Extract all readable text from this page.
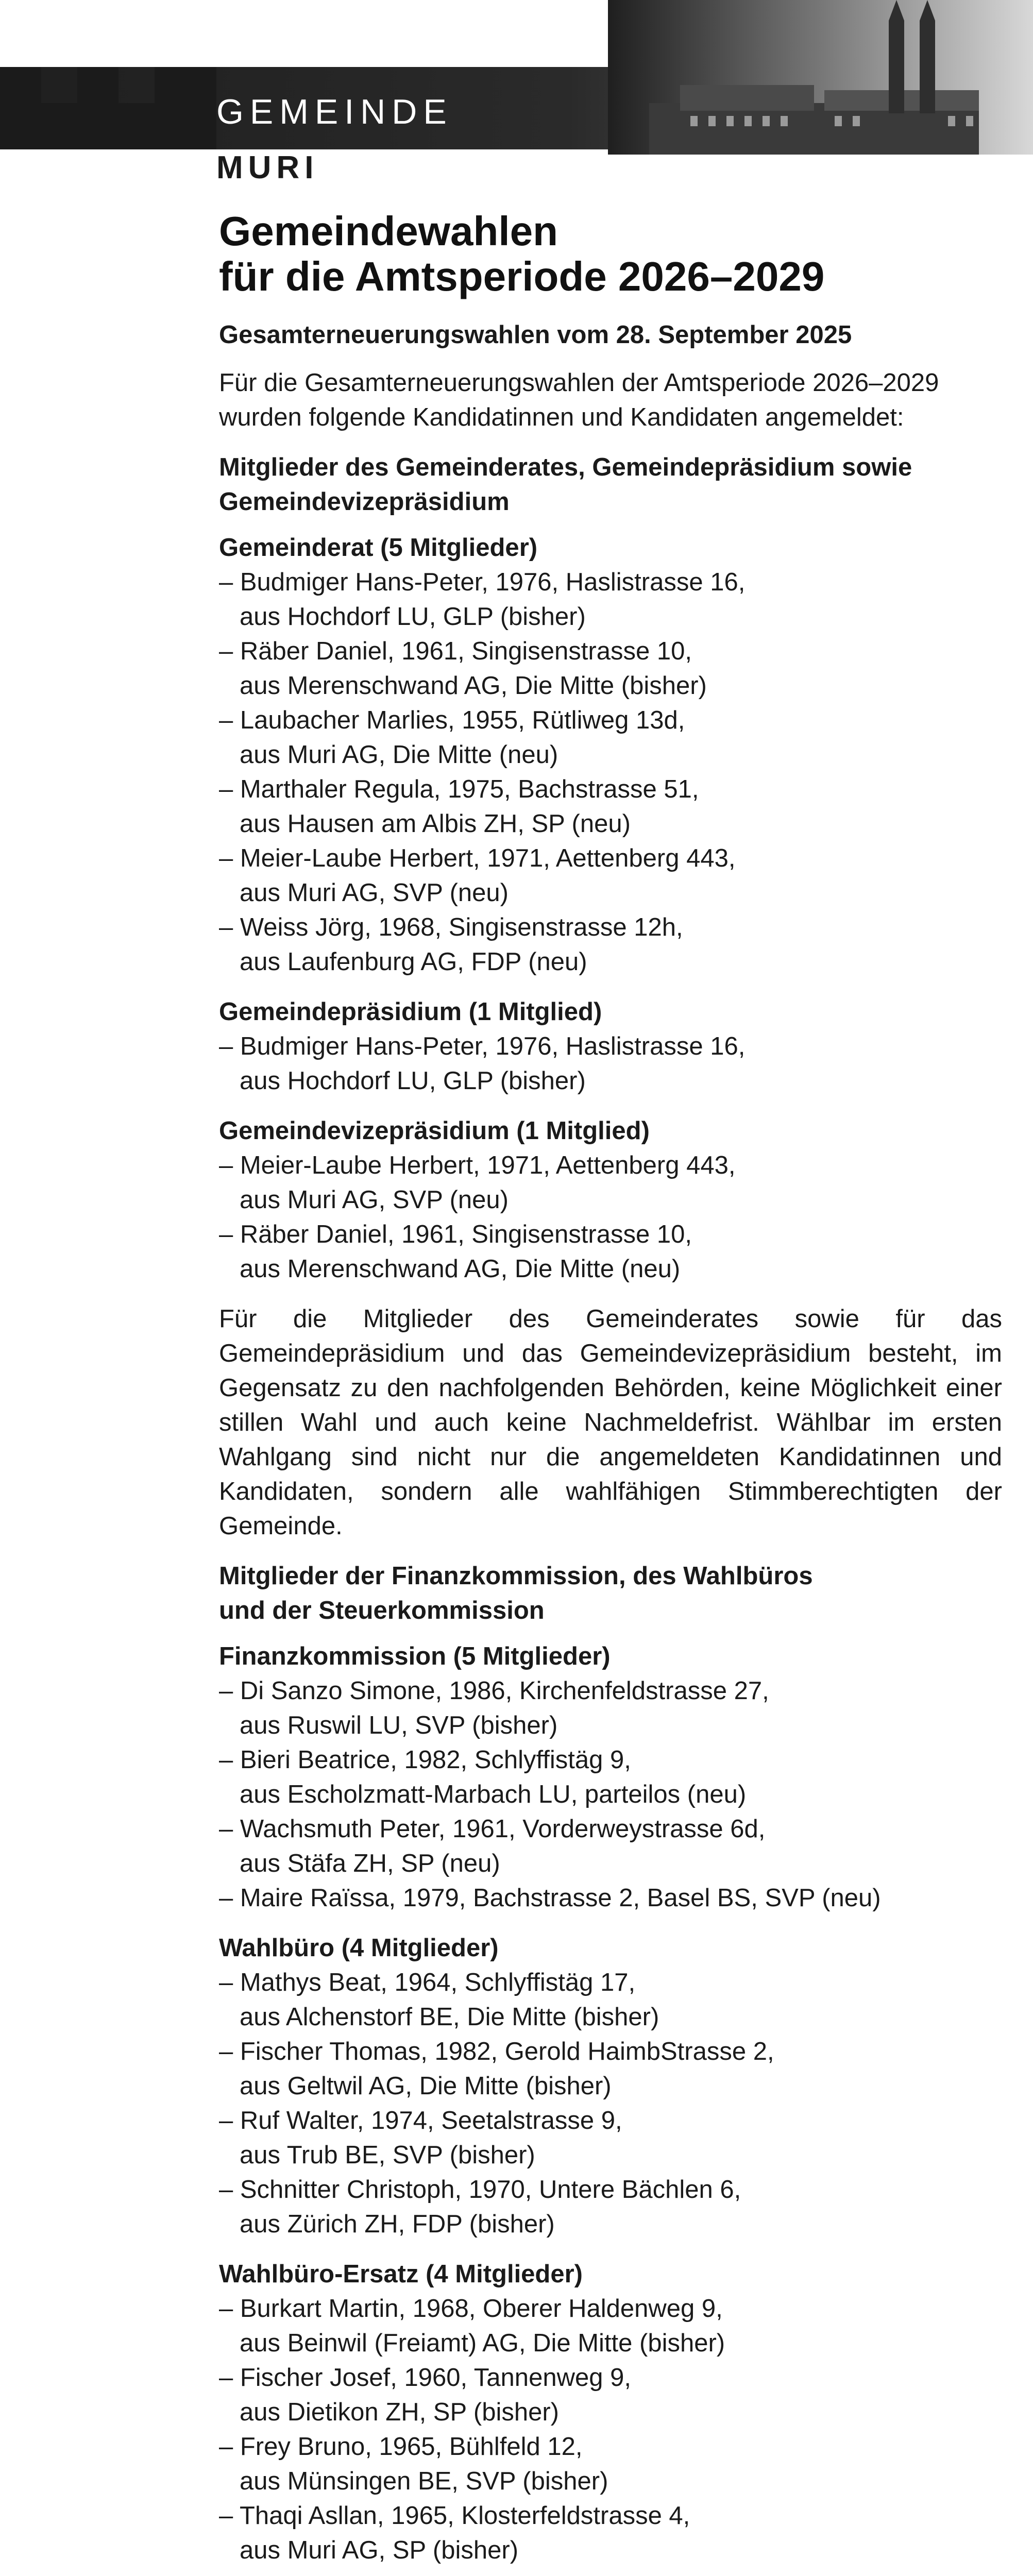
GEMEINDE
MURI
Gemeindewahlen
für die Amtsperiode 2026–2029

Gesamterneuerungswahlen vom 28. September 2025

Für die Gesamterneuerungswahlen der Amtsperiode 2026–2029 wurden folgende Kandidatinnen und Kandidaten angemeldet:

Mitglieder des Gemeinderates, Gemeindepräsidium sowie Gemeindevizepräsidium

Gemeinderat (5 Mitglieder)
– Budmiger Hans-Peter, 1976, Haslistrasse 16,
aus Hochdorf LU, GLP (bisher)
– Räber Daniel, 1961, Singisenstrasse 10,
aus Merenschwand AG, Die Mitte (bisher)
– Laubacher Marlies, 1955, Rütliweg 13d,
aus Muri AG, Die Mitte (neu)
– Marthaler Regula, 1975, Bachstrasse 51,
aus Hausen am Albis ZH, SP (neu)
– Meier-Laube Herbert, 1971, Aettenberg 443,
aus Muri AG, SVP (neu)
– Weiss Jörg, 1968, Singisenstrasse 12h,
aus Laufenburg AG, FDP (neu)
Gemeindepräsidium (1 Mitglied)
– Budmiger Hans-Peter, 1976, Haslistrasse 16,
aus Hochdorf LU, GLP (bisher)
Gemeindevizepräsidium (1 Mitglied)
– Meier-Laube Herbert, 1971, Aettenberg 443,
aus Muri AG, SVP (neu)
– Räber Daniel, 1961, Singisenstrasse 10,
aus Merenschwand AG, Die Mitte (neu)

Für die Mitglieder des Gemeinderates sowie für das Gemeindepräsidium und das Gemeindevizepräsidium besteht, im Gegensatz zu den nachfolgenden Behörden, keine Möglichkeit einer stillen Wahl und auch keine Nachmeldefrist. Wählbar im ersten Wahlgang sind nicht nur die angemeldeten Kandidatinnen und Kandidaten, sondern alle wahlfähigen Stimmberechtigten der Gemeinde.

Mitglieder der Finanzkommission, des Wahlbüros
und der Steuerkommission

Finanzkommission (5 Mitglieder)
– Di Sanzo Simone, 1986, Kirchenfeldstrasse 27,
aus Ruswil LU, SVP (bisher)
– Bieri Beatrice, 1982, Schlyffistäg 9,
aus Escholzmatt-Marbach LU, parteilos (neu)
– Wachsmuth Peter, 1961, Vorderweystrasse 6d,
aus Stäfa ZH, SP (neu)
– Maire Raïssa, 1979, Bachstrasse 2, Basel BS, SVP (neu)
Wahlbüro (4 Mitglieder)
– Mathys Beat, 1964, Schlyffistäg 17,
aus Alchenstorf BE, Die Mitte (bisher)
– Fischer Thomas, 1982, Gerold HaimbStrasse 2,
aus Geltwil AG, Die Mitte (bisher)
– Ruf Walter, 1974, Seetalstrasse 9,
aus Trub BE, SVP (bisher)
– Schnitter Christoph, 1970, Untere Bächlen 6,
aus Zürich ZH, FDP (bisher)
Wahlbüro-Ersatz (4 Mitglieder)
– Burkart Martin, 1968, Oberer Haldenweg 9,
aus Beinwil (Freiamt) AG, Die Mitte (bisher)
– Fischer Josef, 1960, Tannenweg 9,
aus Dietikon ZH, SP (bisher)
– Frey Bruno, 1965, Bühlfeld 12,
aus Münsingen BE, SVP (bisher)
– Thaqi Asllan, 1965, Klosterfeldstrasse 4,
aus Muri AG, SP (bisher)
